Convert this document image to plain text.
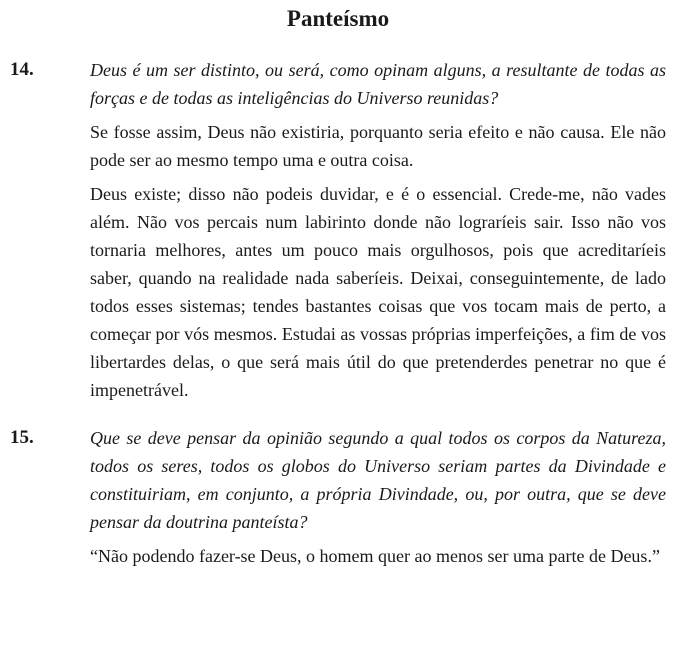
Panteísmo
14.	Deus é um ser distinto, ou será, como opinam alguns, a resultante de todas as forças e de todas as inteligências do Universo reunidas?

Se fosse assim, Deus não existiria, porquanto seria efeito e não causa. Ele não pode ser ao mesmo tempo uma e outra coisa.

Deus existe; disso não podeis duvidar, e é o essencial. Crede-me, não vades além. Não vos percais num labirinto donde não lograríeis sair. Isso não vos tornaria melhores, antes um pouco mais orgulhosos, pois que acreditaríeis saber, quando na realidade nada saberíeis. Deixai, conseguintemente, de lado todos esses sistemas; tendes bastantes coisas que vos tocam mais de perto, a começar por vós mesmos. Estudai as vossas próprias imperfeições, a fim de vos libertardes delas, o que será mais útil do que pretenderdes penetrar no que é impenetrável.

15.	Que se deve pensar da opinião segundo a qual todos os corpos da Natureza, todos os seres, todos os globos do Universo seriam partes da Divindade e constituiriam, em conjunto, a própria Divindade, ou, por outra, que se deve pensar da doutrina panteísta?

“Não podendo fazer-se Deus, o homem quer ao menos ser uma parte de Deus.”
